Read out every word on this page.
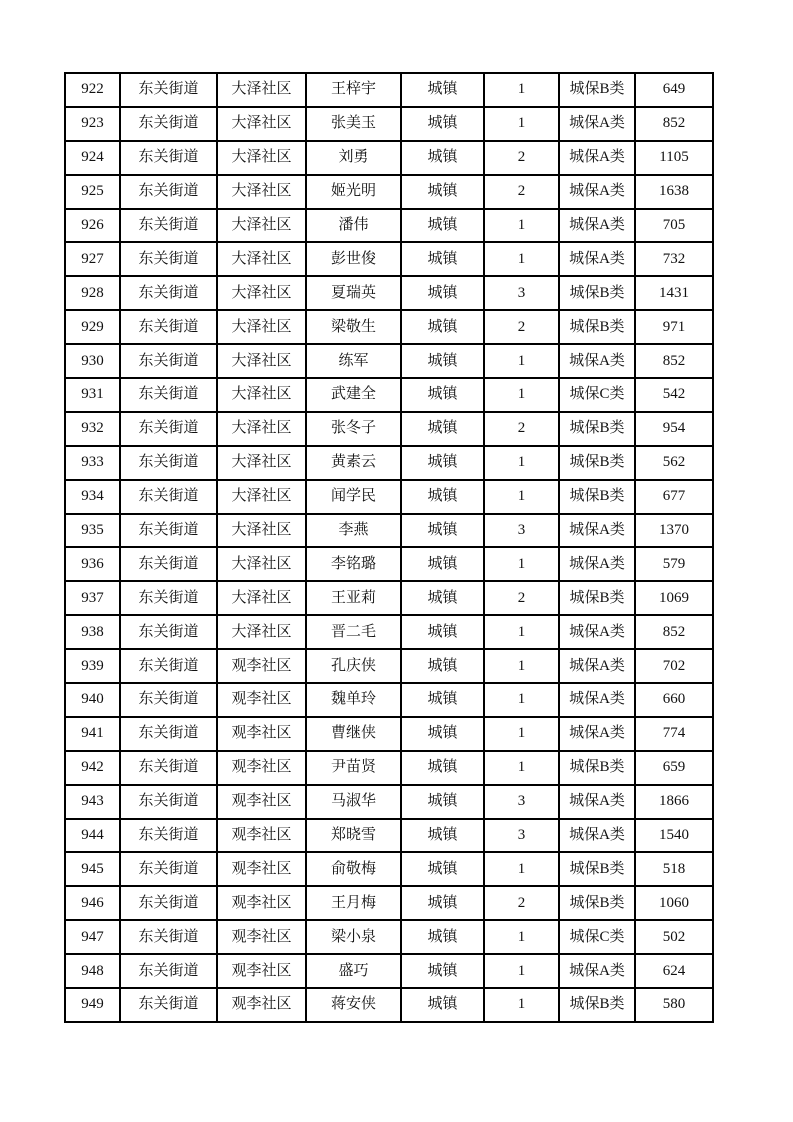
922	东关街道	大泽社区	王梓宇	城镇	1	城保B类	649
923	东关街道	大泽社区	张美玉	城镇	1	城保A类	852
924	东关街道	大泽社区	刘勇	城镇	2	城保A类	1105
925	东关街道	大泽社区	姬光明	城镇	2	城保A类	1638
926	东关街道	大泽社区	潘伟	城镇	1	城保A类	705
927	东关街道	大泽社区	彭世俊	城镇	1	城保A类	732
928	东关街道	大泽社区	夏瑞英	城镇	3	城保B类	1431
929	东关街道	大泽社区	梁敬生	城镇	2	城保B类	971
930	东关街道	大泽社区	练军	城镇	1	城保A类	852
931	东关街道	大泽社区	武建全	城镇	1	城保C类	542
932	东关街道	大泽社区	张冬子	城镇	2	城保B类	954
933	东关街道	大泽社区	黄素云	城镇	1	城保B类	562
934	东关街道	大泽社区	闻学民	城镇	1	城保B类	677
935	东关街道	大泽社区	李燕	城镇	3	城保A类	1370
936	东关街道	大泽社区	李铭璐	城镇	1	城保A类	579
937	东关街道	大泽社区	王亚莉	城镇	2	城保B类	1069
938	东关街道	大泽社区	晋二毛	城镇	1	城保A类	852
939	东关街道	观李社区	孔庆侠	城镇	1	城保A类	702
940	东关街道	观李社区	魏单玲	城镇	1	城保A类	660
941	东关街道	观李社区	曹继侠	城镇	1	城保A类	774
942	东关街道	观李社区	尹苗贤	城镇	1	城保B类	659
943	东关街道	观李社区	马淑华	城镇	3	城保A类	1866
944	东关街道	观李社区	郑晓雪	城镇	3	城保A类	1540
945	东关街道	观李社区	俞敬梅	城镇	1	城保B类	518
946	东关街道	观李社区	王月梅	城镇	2	城保B类	1060
947	东关街道	观李社区	梁小泉	城镇	1	城保C类	502
948	东关街道	观李社区	盛巧	城镇	1	城保A类	624
949	东关街道	观李社区	蒋安侠	城镇	1	城保B类	580
